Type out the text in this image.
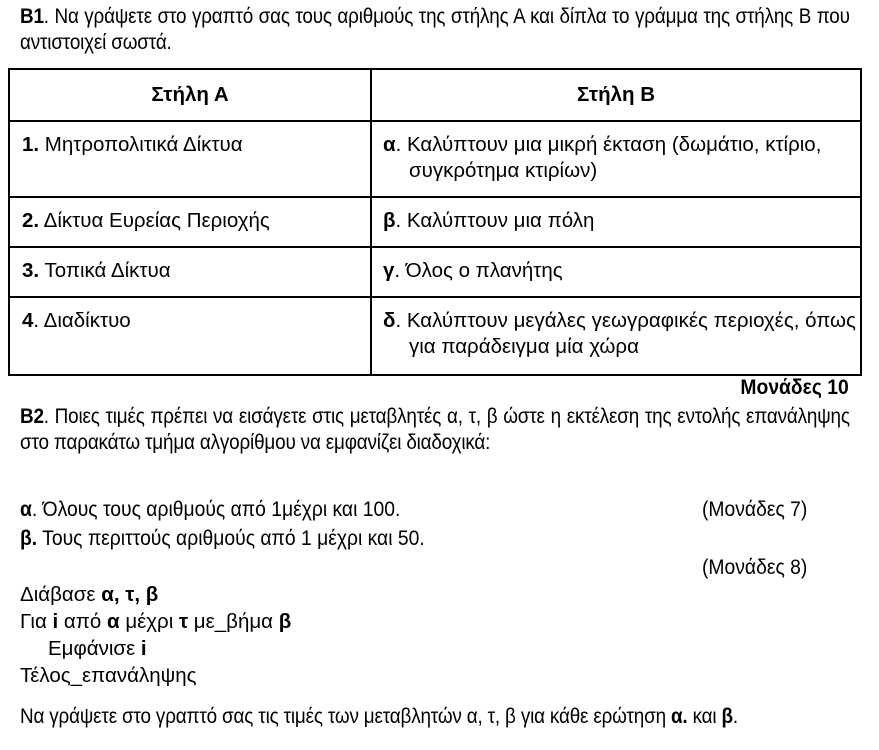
Β1. Να γράψετε στο γραπτό σας τους αριθμούς της στήλης Α και δίπλα το γράμμα της στήλης Β που αντιστοιχεί σωστά.
Στήλη Α	Στήλη Β
1. Μητροπολιτικά Δίκτυα	α. Καλύπτουν μια μικρή έκταση (δωμάτιο, κτίριο, συγκρότημα κτιρίων)

2. Δίκτυα Ευρείας Περιοχής	β. Καλύπτουν μια πόλη

3. Τοπικά Δίκτυα	γ. Όλος ο πλανήτης

4. Διαδίκτυο	δ. Καλύπτουν μεγάλες γεωγραφικές περιοχές, όπως για παράδειγμα μία χώρα
Μονάδες 10
Β2. Ποιες τιμές πρέπει να εισάγετε στις μεταβλητές α, τ, β ώστε η εκτέλεση της εντολής επανάληψης στο παρακάτω τμήμα αλγορίθμου να εμφανίζει διαδοχικά:
α. Όλους τους αριθμούς από 1μέχρι και 100.	(Μονάδες 7)
β. Τους περιττούς αριθμούς από 1 μέχρι και 50.
(Μονάδες 8)
Διάβασε α, τ, β
Για i από α μέχρι τ με_βήμα β
Εμφάνισε i
Τέλος_επανάληψης
Να γράψετε στο γραπτό σας τις τιμές των μεταβλητών α, τ, β για κάθε ερώτηση α. και β.
